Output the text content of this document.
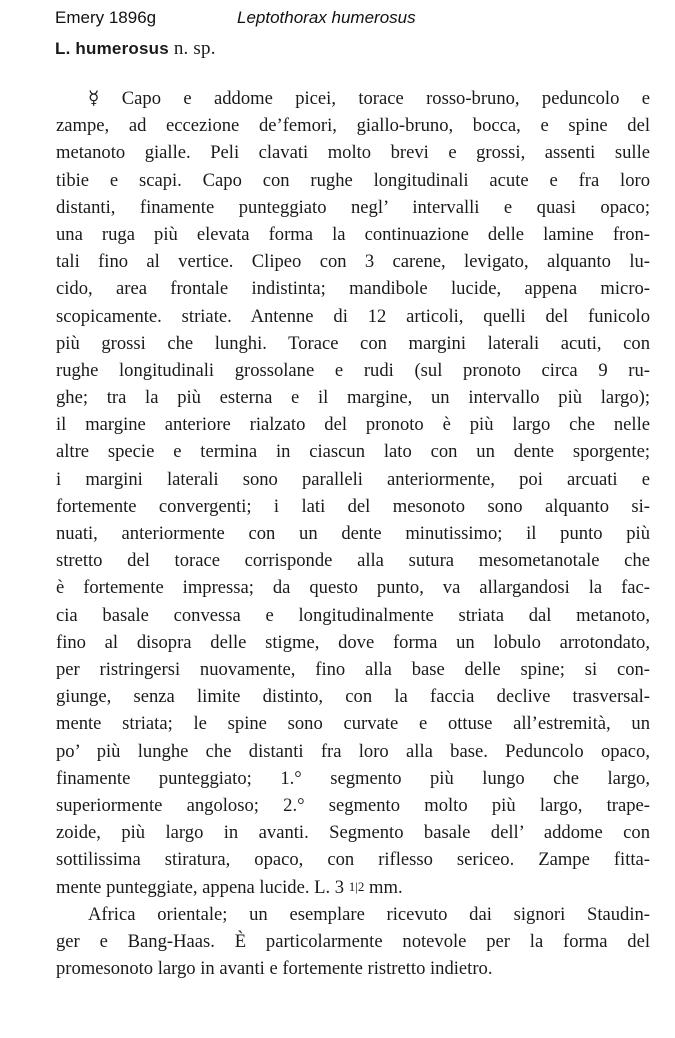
Emery 1896g	Leptothorax humerosus
L. humerosus n. sp.
☿ Capo e addome picei, torace rosso-bruno, peduncolo e
zampe, ad eccezione de’femori, giallo-bruno, bocca, e spine del
metanoto gialle. Peli clavati molto brevi e grossi, assenti sulle
tibie e scapi. Capo con rughe longitudinali acute e fra loro
distanti, finamente punteggiato negl’ intervalli e quasi opaco;
una ruga più elevata forma la continuazione delle lamine fron-
tali fino al vertice. Clipeo con 3 carene, levigato, alquanto lu-
cido, area frontale indistinta; mandibole lucide, appena micro-
scopicamente. striate. Antenne di 12 articoli, quelli del funicolo
più grossi che lunghi. Torace con margini laterali acuti, con
rughe longitudinali grossolane e rudi (sul pronoto circa 9 ru-
ghe; tra la più esterna e il margine, un intervallo più largo);
il margine anteriore rialzato del pronoto è più largo che nelle
altre specie e termina in ciascun lato con un dente sporgente;
i margini laterali sono paralleli anteriormente, poi arcuati e
fortemente convergenti; i lati del mesonoto sono alquanto si-
nuati, anteriormente con un dente minutissimo; il punto più
stretto del torace corrisponde alla sutura mesometanotale che
è fortemente impressa; da questo punto, va allargandosi la fac-
cia basale convessa e longitudinalmente striata dal metanoto,
fino al disopra delle stigme, dove forma un lobulo arrotondato,
per ristringersi nuovamente, fino alla base delle spine; si con-
giunge, senza limite distinto, con la faccia declive trasversal-
mente striata; le spine sono curvate e ottuse all’estremità, un
po’ più lunghe che distanti fra loro alla base. Peduncolo opaco,
finamente punteggiato; 1.° segmento più lungo che largo,
superiormente angoloso; 2.° segmento molto più largo, trape-
zoide, più largo in avanti. Segmento basale dell’ addome con
sottilissima stiratura, opaco, con riflesso sericeo. Zampe fitta-
mente punteggiate, appena lucide. L. 3 1|2 mm.
Africa orientale; un esemplare ricevuto dai signori Staudin-
ger e Bang-Haas. È particolarmente notevole per la forma del
promesonoto largo in avanti e fortemente ristretto indietro.
